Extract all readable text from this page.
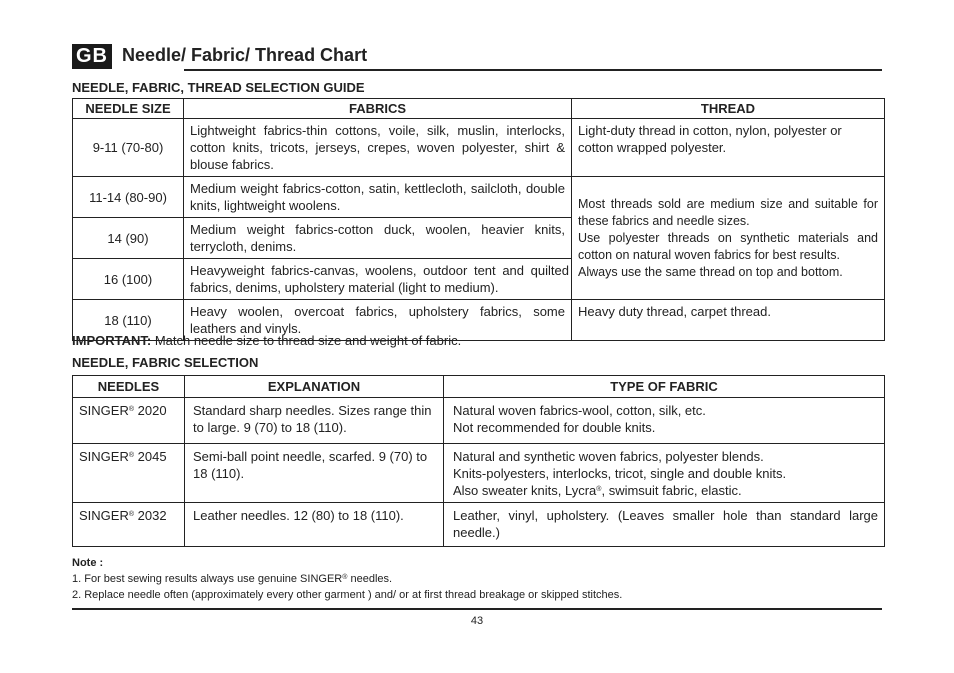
GB Needle/ Fabric/ Thread Chart
NEEDLE, FABRIC, THREAD SELECTION GUIDE
NEEDLE SIZE	FABRICS	THREAD
9-11 (70-80)	Lightweight fabrics-thin cottons, voile, silk, muslin, interlocks, cotton knits, tricots, jerseys, crepes, woven polyester, shirt & blouse fabrics.	Light-duty thread in cotton, nylon, polyester or cotton wrapped polyester.
11-14 (80-90)	Medium weight fabrics-cotton, satin, kettlecloth, sailcloth, double knits, lightweight woolens.	Most threads sold are medium size and suitable for these fabrics and needle sizes.
Use polyester threads on synthetic materials and cotton on natural woven fabrics for best results.
Always use the same thread on top and bottom.

14 (90)	Medium weight fabrics-cotton duck, woolen, heavier knits, terrycloth, denims.	
16 (100)	Heavyweight fabrics-canvas, woolens, outdoor tent and quilted fabrics, denims, upholstery material (light to medium).	
18 (110)	Heavy woolen, overcoat fabrics, upholstery fabrics, some leathers and vinyls.	Heavy duty thread, carpet thread.
IMPORTANT: Match needle size to thread size and weight of fabric.
NEEDLE, FABRIC SELECTION
NEEDLES	EXPLANATION	TYPE OF FABRIC
SINGER® 2020	Standard sharp needles. Sizes range thin to large. 9 (70) to 18 (110).	Natural woven fabrics-wool, cotton, silk, etc.
Not recommended for double knits.

SINGER® 2045	Semi-ball point needle, scarfed. 9 (70) to 18 (110).	Natural and synthetic woven fabrics, polyester blends.
Knits-polyesters, interlocks, tricot, single and double knits.
Also sweater knits, Lycra®, swimsuit fabric, elastic.

SINGER® 2032	Leather needles. 12 (80) to 18 (110).	Leather, vinyl, upholstery. (Leaves smaller hole than standard large needle.)
Note :
1. For best sewing results always use genuine SINGER® needles.
2. Replace needle often (approximately every other garment ) and/ or at first thread breakage or skipped stitches.
43
